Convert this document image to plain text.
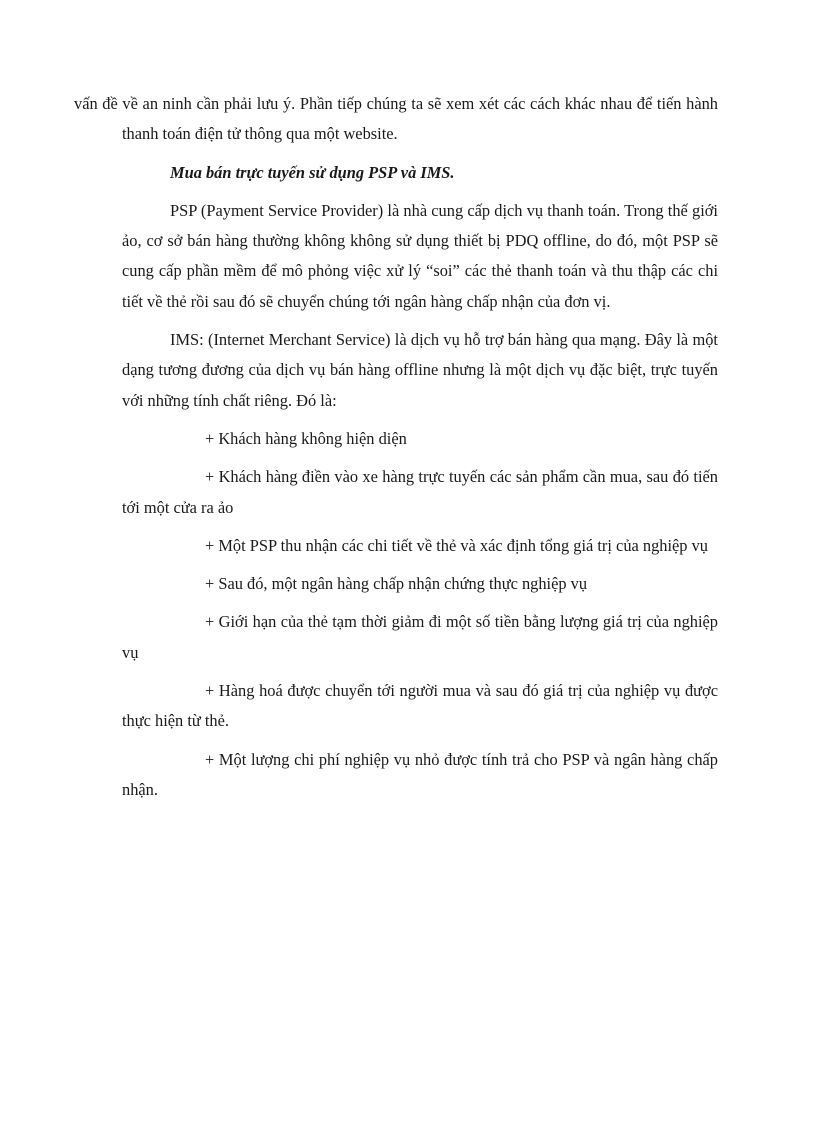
vấn đề về an ninh cần phải lưu ý. Phần tiếp chúng ta sẽ xem xét các cách khác nhau để tiến hành thanh toán điện tử thông qua một website.

Mua bán trực tuyến sử dụng PSP và IMS.

PSP (Payment Service Provider) là nhà cung cấp dịch vụ thanh toán. Trong thế giới ảo, cơ sở bán hàng thường không không sử dụng thiết bị PDQ offline, do đó, một PSP sẽ cung cấp phần mềm để mô phỏng việc xử lý “soi” các thẻ thanh toán và thu thập các chi tiết về thẻ rồi sau đó sẽ chuyển chúng tới ngân hàng chấp nhận của đơn vị.

IMS: (Internet Merchant Service) là dịch vụ hỗ trợ bán hàng qua mạng. Đây là một dạng tương đương của dịch vụ bán hàng offline nhưng là một dịch vụ đặc biệt, trực tuyến với những tính chất riêng. Đó là:

+ Khách hàng không hiện diện

+ Khách hàng điền vào xe hàng trực tuyến các sản phẩm cần mua, sau đó tiến tới một cửa ra ảo

+ Một PSP thu nhận các chi tiết về thẻ và xác định tổng giá trị của nghiệp vụ

+ Sau đó, một ngân hàng chấp nhận chứng thực nghiệp vụ

+ Giới hạn của thẻ tạm thời giảm đi một số tiền bằng lượng giá trị của nghiệp vụ

+ Hàng hoá được chuyển tới người mua và sau đó giá trị của nghiệp vụ được thực hiện từ thẻ.

+ Một lượng chi phí nghiệp vụ nhỏ được tính trả cho PSP và ngân hàng chấp nhận.
